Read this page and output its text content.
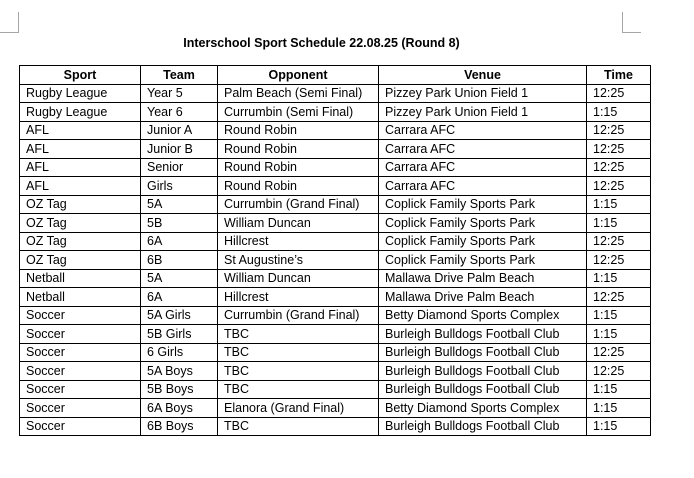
Interschool Sport Schedule 22.08.25 (Round 8)
Sport	Team	Opponent	Venue	Time
Rugby League	Year 5	Palm Beach (Semi Final)	Pizzey Park Union Field 1	12:25
Rugby League	Year 6	Currumbin (Semi Final)	Pizzey Park Union Field 1	1:15
AFL	Junior A	Round Robin	Carrara AFC	12:25
AFL	Junior B	Round Robin	Carrara AFC	12:25
AFL	Senior	Round Robin	Carrara AFC	12:25
AFL	Girls	Round Robin	Carrara AFC	12:25
OZ Tag	5A	Currumbin (Grand Final)	Coplick Family Sports Park	1:15
OZ Tag	5B	William Duncan	Coplick Family Sports Park	1:15
OZ Tag	6A	Hillcrest	Coplick Family Sports Park	12:25
OZ Tag	6B	St Augustine’s	Coplick Family Sports Park	12:25
Netball	5A	William Duncan	Mallawa Drive Palm Beach	1:15
Netball	6A	Hillcrest	Mallawa Drive Palm Beach	12:25
Soccer	5A Girls	Currumbin (Grand Final)	Betty Diamond Sports Complex	1:15
Soccer	5B Girls	TBC	Burleigh Bulldogs Football Club	1:15
Soccer	6 Girls	TBC	Burleigh Bulldogs Football Club	12:25
Soccer	5A Boys	TBC	Burleigh Bulldogs Football Club	12:25
Soccer	5B Boys	TBC	Burleigh Bulldogs Football Club	1:15
Soccer	6A Boys	Elanora (Grand Final)	Betty Diamond Sports Complex	1:15
Soccer	6B Boys	TBC	Burleigh Bulldogs Football Club	1:15
